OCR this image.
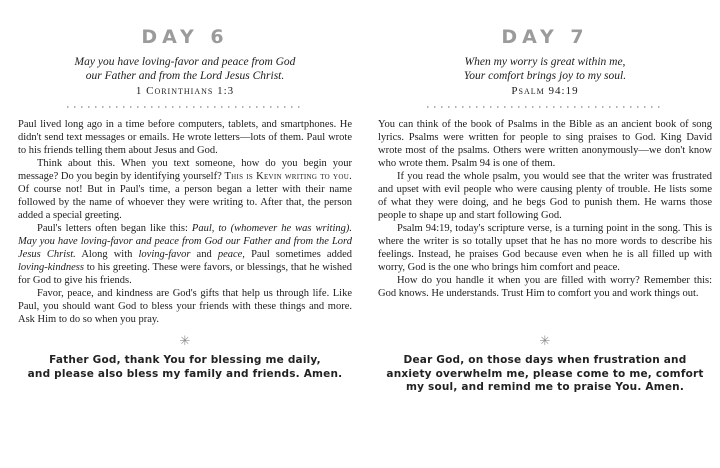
DAY 6
May you have loving-favor and peace from God
our Father and from the Lord Jesus Christ.
1 Corinthians 1:3

Paul lived long ago in a time before computers, tablets, and smartphones. He didn't send text messages or emails. He wrote letters—lots of them. Paul wrote to his friends telling them about Jesus and God.

Think about this. When you text someone, how do you begin your message? Do you begin by identifying yourself? This is Kevin writing to you. Of course not! But in Paul's time, a person began a letter with their name followed by the name of whoever they were writing to. After that, the person added a special greeting.

Paul's letters often began like this: Paul, to (whomever he was writing). May you have loving-favor and peace from God our Father and from the Lord Jesus Christ. Along with loving-favor and peace, Paul sometimes added loving-kindness to his greeting. These were favors, or blessings, that he wished for God to give his friends.

Favor, peace, and kindness are God's gifts that help us through life. Like Paul, you should want God to bless your friends with these things and more. Ask Him to do so when you pray.

✳
Father God, thank You for blessing me daily,
and please also bless my family and friends. Amen.
DAY 7
When my worry is great within me,
Your comfort brings joy to my soul.
Psalm 94:19

You can think of the book of Psalms in the Bible as an ancient book of song lyrics. Psalms were written for people to sing praises to God. King David wrote most of the psalms. Others were written anonymously—we don't know who wrote them. Psalm 94 is one of them.

If you read the whole psalm, you would see that the writer was frustrated and upset with evil people who were causing plenty of trouble. He lists some of what they were doing, and he begs God to punish them. He warns those people to shape up and start following God.

Psalm 94:19, today's scripture verse, is a turning point in the song. This is where the writer is so totally upset that he has no more words to describe his feelings. Instead, he praises God because even when he is all filled up with worry, God is the one who brings him comfort and peace.

How do you handle it when you are filled with worry? Remember this: God knows. He understands. Trust Him to comfort you and work things out.

✳
Dear God, on those days when frustration and
anxiety overwhelm me, please come to me, comfort
my soul, and remind me to praise You. Amen.
